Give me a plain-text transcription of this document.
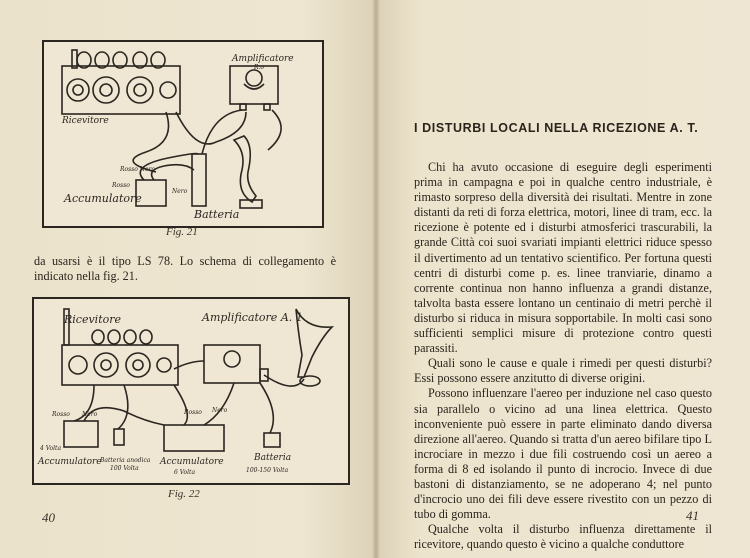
Ricevitore
Amplificatore
R.o
Rosso Nero
Rosso
Nero
Accumulatore
Batteria
Fig. 21
da usarsi è il tipo LS 78. Lo schema di collegamento è indicato nella fig. 21.
Ricevitore	Amplificatore A. 1
Rosso Nero	Rosso Nero
4 Volta
Accumulatore
Batteria anodica
100 Volta
Accumulatore
6 Volta
Batteria
100-150 Volta
Fig. 22
40
I DISTURBI LOCALI NELLA RICEZIONE A. T.

Chi ha avuto occasione di eseguire degli esperimenti prima in campagna e poi in qualche centro industriale, è rimasto sorpreso della diversità dei risultati. Mentre in zone distanti da reti di forza elettrica, motori, linee di tram, ecc. la ricezione è potente ed i disturbi atmosferici trascurabili, la grande Città coi suoi svariati impianti elettrici riduce spesso il divertimento ad un tentativo scientifico. Per fortuna questi centri di disturbi come p. es. linee tranviarie, dinamo a corrente continua non hanno influenza a grandi distanze, talvolta basta essere lontano un centinaio di metri perchè il disturbo si riduca in misura sopportabile. In molti casi sono sufficienti semplici misure di protezione contro questi parassiti.

Quali sono le cause e quale i rimedi per questi disturbi? Essi possono essere anzitutto di diverse origini.

Possono influenzare l'aereo per induzione nel caso questo sia parallelo o vicino ad una linea elettrica. Questo inconveniente può essere in parte eliminato dando diversa direzione all'aereo. Quando si tratta d'un aereo bifilare tipo L incrociare in mezzo i due fili costruendo così un aereo a forma di 8 ed isolando il punto di incrocio. Invece di due bastoni di distanziamento, se ne adoperano 4; nel punto d'incrocio uno dei fili deve essere rivestito con un pezzo di tubo di gomma.

Qualche volta il disturbo influenza direttamente il ricevitore, quando questo è vicino a qualche conduttore

41
